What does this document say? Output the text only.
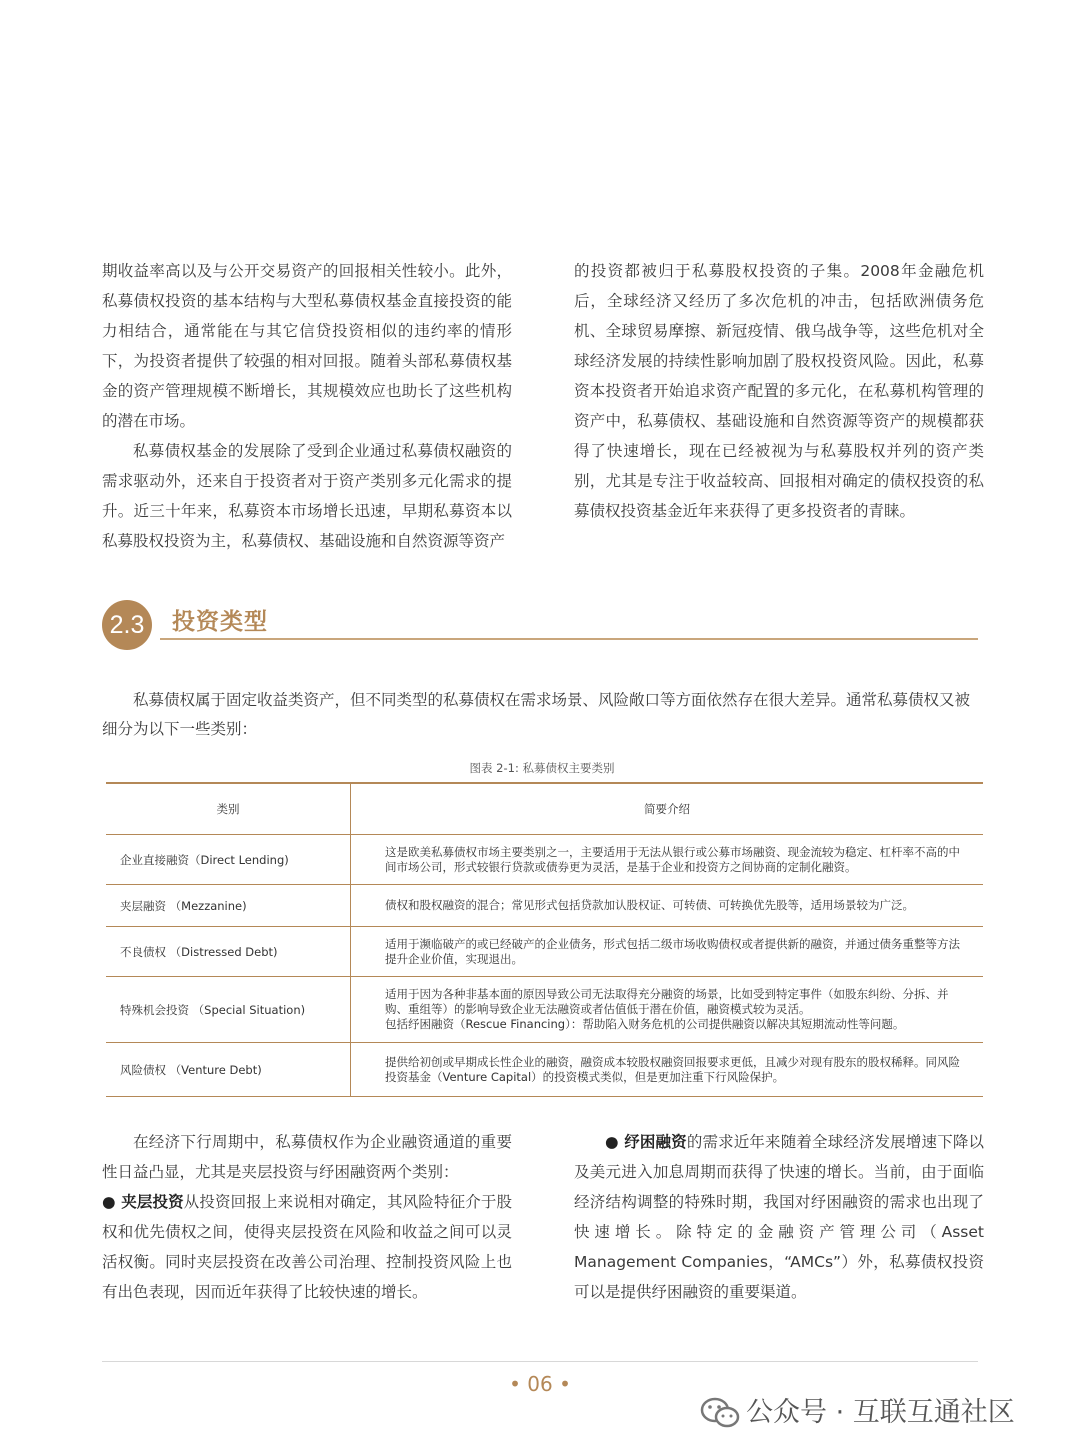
期收益率高以及与公开交易资产的回报相关性较小。此外，私募债权投资的基本结构与大型私募债权基金直接投资的能力相结合，通常能在与其它信贷投资相似的违约率的情形下，为投资者提供了较强的相对回报。随着头部私募债权基金的资产管理规模不断增长，其规模效应也助长了这些机构的潜在市场。

私募债权基金的发展除了受到企业通过私募债权融资的需求驱动外，还来自于投资者对于资产类别多元化需求的提升。近三十年来，私募资本市场增长迅速，早期私募资本以私募股权投资为主，私募债权、基础设施和自然资源等资产

的投资都被归于私募股权投资的子集。2008年金融危机后，全球经济又经历了多次危机的冲击，包括欧洲债务危机、全球贸易摩擦、新冠疫情、俄乌战争等，这些危机对全球经济发展的持续性影响加剧了股权投资风险。因此，私募资本投资者开始追求资产配置的多元化，在私募机构管理的资产中，私募债权、基础设施和自然资源等资产的规模都获得了快速增长，现在已经被视为与私募股权并列的资产类别，尤其是专注于收益较高、回报相对确定的债权投资的私募债权投资基金近年来获得了更多投资者的青睐。

2.3	投资类型

私募债权属于固定收益类资产，但不同类型的私募债权在需求场景、风险敞口等方面依然存在很大差异。通常私募债权又被细分为以下一些类别：

图表 2-1: 私募债权主要类别
类别	简要介绍
企业直接融资（Direct Lending)	这是欧美私募债权市场主要类别之一，主要适用于无法从银行或公募市场融资、现金流较为稳定、杠杆率不高的中间市场公司，形式较银行贷款或债券更为灵活，是基于企业和投资方之间协商的定制化融资。
夹层融资 （Mezzanine)	债权和股权融资的混合；常见形式包括贷款加认股权证、可转债、可转换优先股等，适用场景较为广泛。
不良债权 （Distressed Debt)	适用于濒临破产的或已经破产的企业债务，形式包括二级市场收购债权或者提供新的融资，并通过债务重整等方法提升企业价值，实现退出。
特殊机会投资 （Special Situation)	适用于因为各种非基本面的原因导致公司无法取得充分融资的场景，比如受到特定事件（如股东纠纷、分拆、并购、重组等）的影响导致企业无法融资或者估值低于潜在价值，融资模式较为灵活。
包括纾困融资（Rescue Financing）：帮助陷入财务危机的公司提供融资以解决其短期流动性等问题。

风险债权 （Venture Debt)	提供给初创或早期成长性企业的融资，融资成本较股权融资回报要求更低，且减少对现有股东的股权稀释。同风险投资基金（Venture Capital）的投资模式类似，但是更加注重下行风险保护。

在经济下行周期中，私募债权作为企业融资通道的重要性日益凸显，尤其是夹层投资与纾困融资两个类别：

● 夹层投资从投资回报上来说相对确定，其风险特征介于股权和优先债权之间，使得夹层投资在风险和收益之间可以灵活权衡。同时夹层投资在改善公司治理、控制投资风险上也有出色表现，因而近年获得了比较快速的增长。

● 纾困融资的需求近年来随着全球经济发展增速下降以及美元进入加息周期而获得了快速的增长。当前，由于面临经济结构调整的特殊时期，我国对纾困融资的需求也出现了快速增长。除特定的金融资产管理公司（Asset Management Companies，“AMCs”）外，私募债权投资可以是提供纾困融资的重要渠道。

• 06 •
公众号 · 互联互通社区
